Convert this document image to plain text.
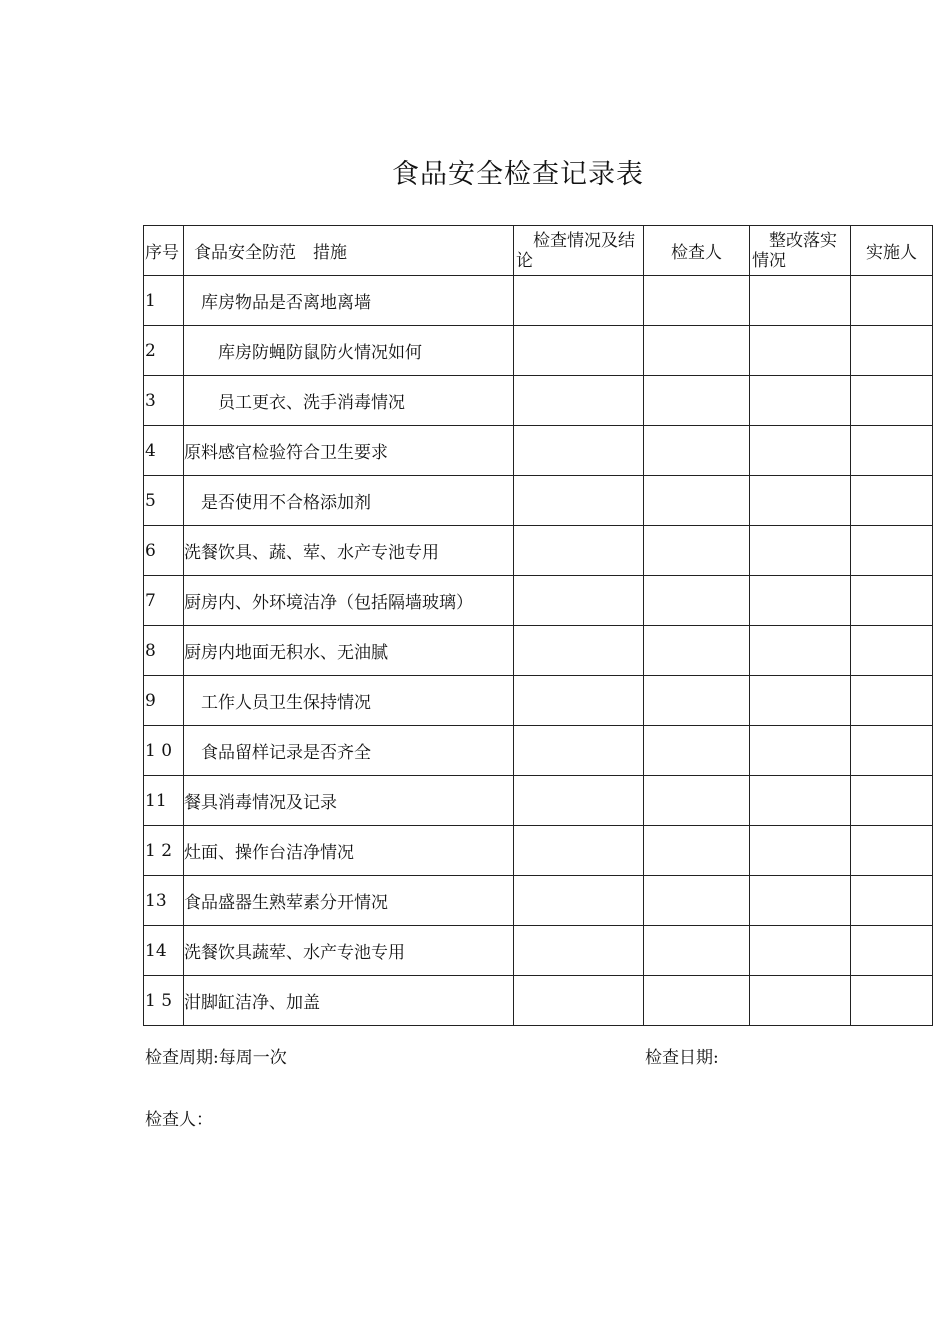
食品安全检查记录表
序号	食品安全防范　措施	　检查情况及结论	检查人	　整改落实情况	实施人
1	　库房物品是否离地离墙				
2	　　库房防蝇防鼠防火情况如何				
3	　　员工更衣、洗手消毒情况				
4	原料感官检验符合卫生要求				
5	　是否使用不合格添加剂				
6	洗餐饮具、蔬、荤、水产专池专用				
7	厨房内、外环境洁净（包括隔墙玻璃）				
8	厨房内地面无积水、无油腻				
9	　工作人员卫生保持情况				
1 0	　食品留样记录是否齐全				
11	餐具消毒情况及记录				
1 2	灶面、操作台洁净情况				
13	食品盛器生熟荤素分开情况				
14	洗餐饮具蔬荤、水产专池专用				
1 5	泔脚缸洁净、加盖				
检查周期:每周一次	检查日期:
检查人：
